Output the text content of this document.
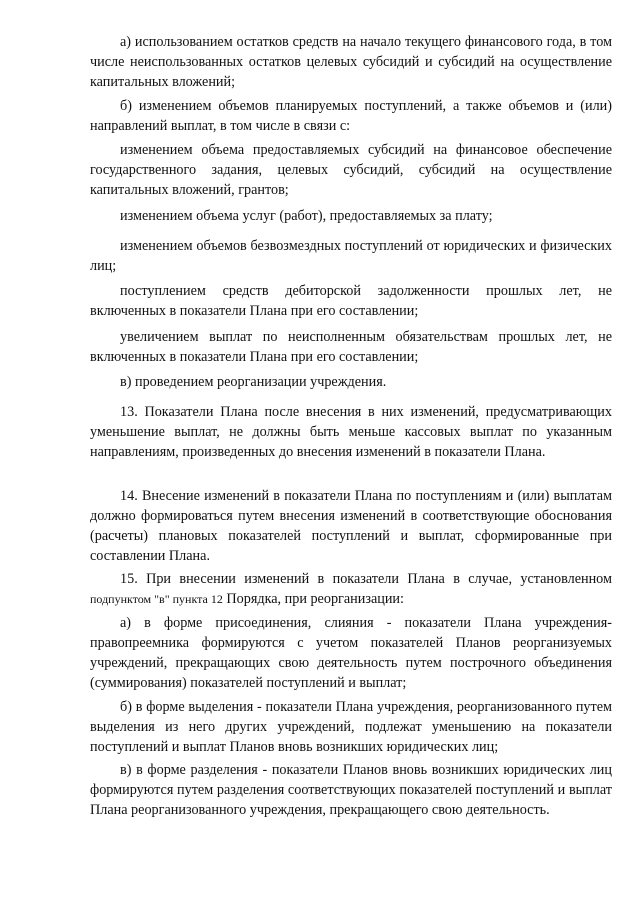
а) использованием остатков средств на начало текущего финансового года, в том числе неиспользованных остатков целевых субсидий и субсидий на осуществление капитальных вложений;

б) изменением объемов планируемых поступлений, а также объемов и (или) направлений выплат, в том числе в связи с:

изменением объема предоставляемых субсидий на финансовое обеспечение государственного задания, целевых субсидий, субсидий на осуществление капитальных вложений, грантов;

изменением объема услуг (работ), предоставляемых за плату;

изменением объемов безвозмездных поступлений от юридических и физических лиц;

поступлением средств дебиторской задолженности прошлых лет, не включенных в показатели Плана при его составлении;

увеличением выплат по неисполненным обязательствам прошлых лет, не включенных в показатели Плана при его составлении;

в) проведением реорганизации учреждения.

13. Показатели Плана после внесения в них изменений, предусматривающих уменьшение выплат, не должны быть меньше кассовых выплат по указанным направлениям, произведенных до внесения изменений в показатели Плана.

14. Внесение изменений в показатели Плана по поступлениям и (или) выплатам должно формироваться путем внесения изменений в соответствующие обоснования (расчеты) плановых показателей поступлений и выплат, сформированные при составлении Плана.

15. При внесении изменений в показатели Плана в случае, установленном подпунктом "в" пункта 12 Порядка, при реорганизации:

а) в форме присоединения, слияния - показатели Плана учреждения-правопреемника формируются с учетом показателей Планов реорганизуемых учреждений, прекращающих свою деятельность путем построчного объединения (суммирования) показателей поступлений и выплат;

б) в форме выделения - показатели Плана учреждения, реорганизованного путем выделения из него других учреждений, подлежат уменьшению на показатели поступлений и выплат Планов вновь возникших юридических лиц;

в) в форме разделения - показатели Планов вновь возникших юридических лиц формируются путем разделения соответствующих показателей поступлений и выплат Плана реорганизованного учреждения, прекращающего свою деятельность.
